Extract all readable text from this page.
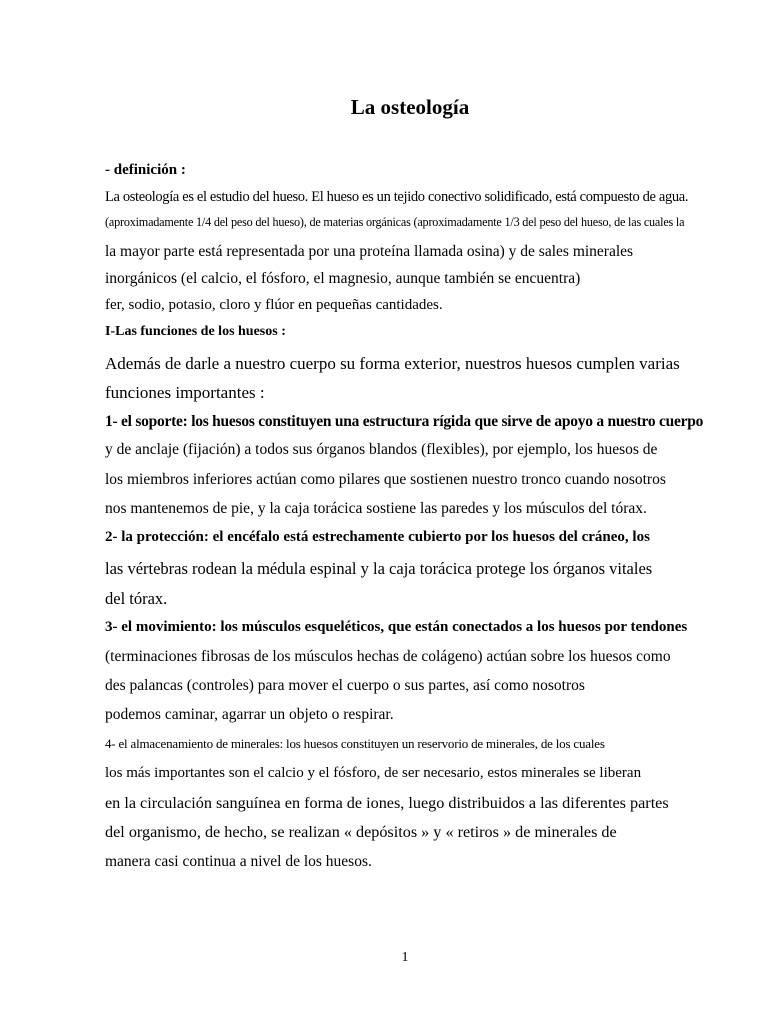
La osteología
- definición :
La osteología es el estudio del hueso. El hueso es un tejido conectivo solidificado, está compuesto de agua.
(aproximadamente 1/4 del peso del hueso), de materias orgánicas (aproximadamente 1/3 del peso del hueso, de las cuales la
la mayor parte está representada por una proteína llamada osina) y de sales minerales
inorgánicos (el calcio, el fósforo, el magnesio, aunque también se encuentra)
fer, sodio, potasio, cloro y flúor en pequeñas cantidades.
I-Las funciones de los huesos :
Además de darle a nuestro cuerpo su forma exterior, nuestros huesos cumplen varias
funciones importantes :
1- el soporte: los huesos constituyen una estructura rígida que sirve de apoyo a nuestro cuerpo
y de anclaje (fijación) a todos sus órganos blandos (flexibles), por ejemplo, los huesos de
los miembros inferiores actúan como pilares que sostienen nuestro tronco cuando nosotros
nos mantenemos de pie, y la caja torácica sostiene las paredes y los músculos del tórax.
2- la protección: el encéfalo está estrechamente cubierto por los huesos del cráneo, los
las vértebras rodean la médula espinal y la caja torácica protege los órganos vitales
del tórax.
3- el movimiento: los músculos esqueléticos, que están conectados a los huesos por tendones
(terminaciones fibrosas de los músculos hechas de colágeno) actúan sobre los huesos como
des palancas (controles) para mover el cuerpo o sus partes, así como nosotros
podemos caminar, agarrar un objeto o respirar.
4- el almacenamiento de minerales: los huesos constituyen un reservorio de minerales, de los cuales
los más importantes son el calcio y el fósforo, de ser necesario, estos minerales se liberan
en la circulación sanguínea en forma de iones, luego distribuidos a las diferentes partes
del organismo, de hecho, se realizan « depósitos » y « retiros » de minerales de
manera casi continua a nivel de los huesos.
1
